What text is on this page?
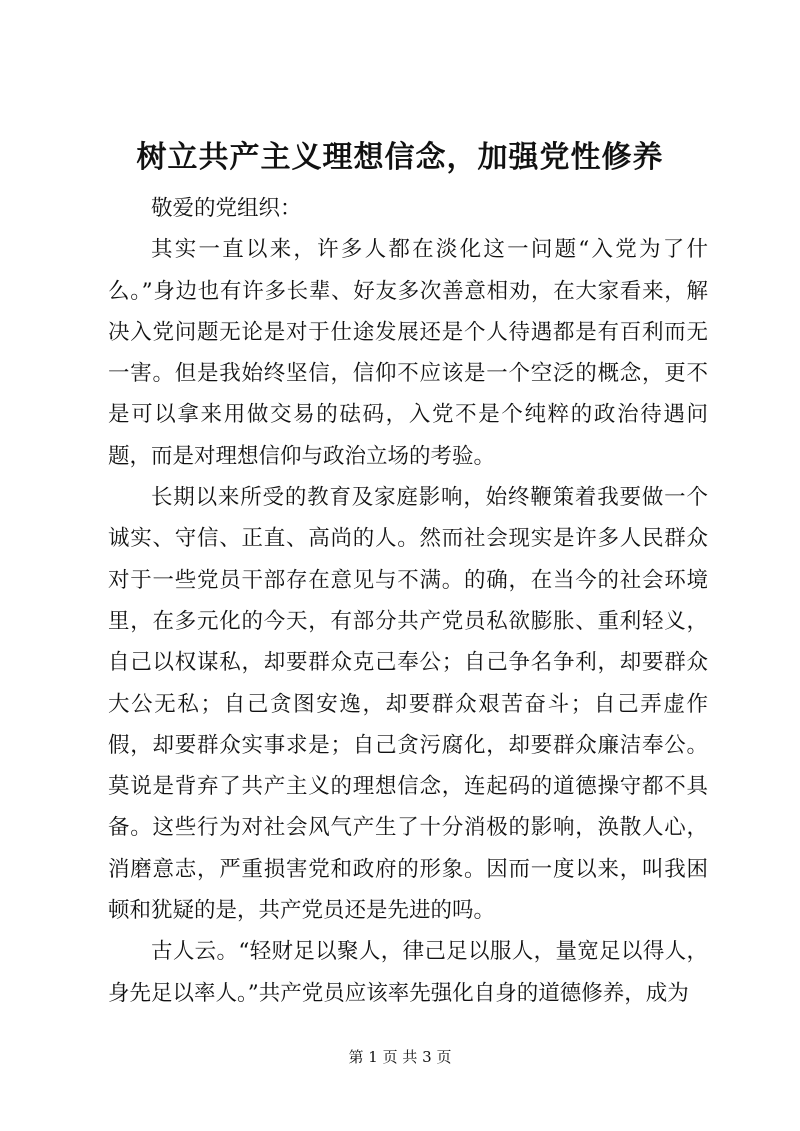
树立共产主义理想信念，加强党性修养

敬爱的党组织：

其实一直以来，许多人都在淡化这一问题“入党为了什么。”身边也有许多长辈、好友多次善意相劝，在大家看来，解决入党问题无论是对于仕途发展还是个人待遇都是有百利而无一害。但是我始终坚信，信仰不应该是一个空泛的概念，更不是可以拿来用做交易的砝码，入党不是个纯粹的政治待遇问题，而是对理想信仰与政治立场的考验。

长期以来所受的教育及家庭影响，始终鞭策着我要做一个诚实、守信、正直、高尚的人。然而社会现实是许多人民群众对于一些党员干部存在意见与不满。的确，在当今的社会环境里，在多元化的今天，有部分共产党员私欲膨胀、重利轻义，自己以权谋私，却要群众克己奉公；自己争名争利，却要群众大公无私；自己贪图安逸，却要群众艰苦奋斗；自己弄虚作假，却要群众实事求是；自己贪污腐化，却要群众廉洁奉公。莫说是背弃了共产主义的理想信念，连起码的道德操守都不具备。这些行为对社会风气产生了十分消极的影响，涣散人心，消磨意志，严重损害党和政府的形象。因而一度以来，叫我困顿和犹疑的是，共产党员还是先进的吗。

古人云。“轻财足以聚人，律己足以服人，量宽足以得人，身先足以率人。”共产党员应该率先强化自身的道德修养，成为

第 1 页 共 3 页
